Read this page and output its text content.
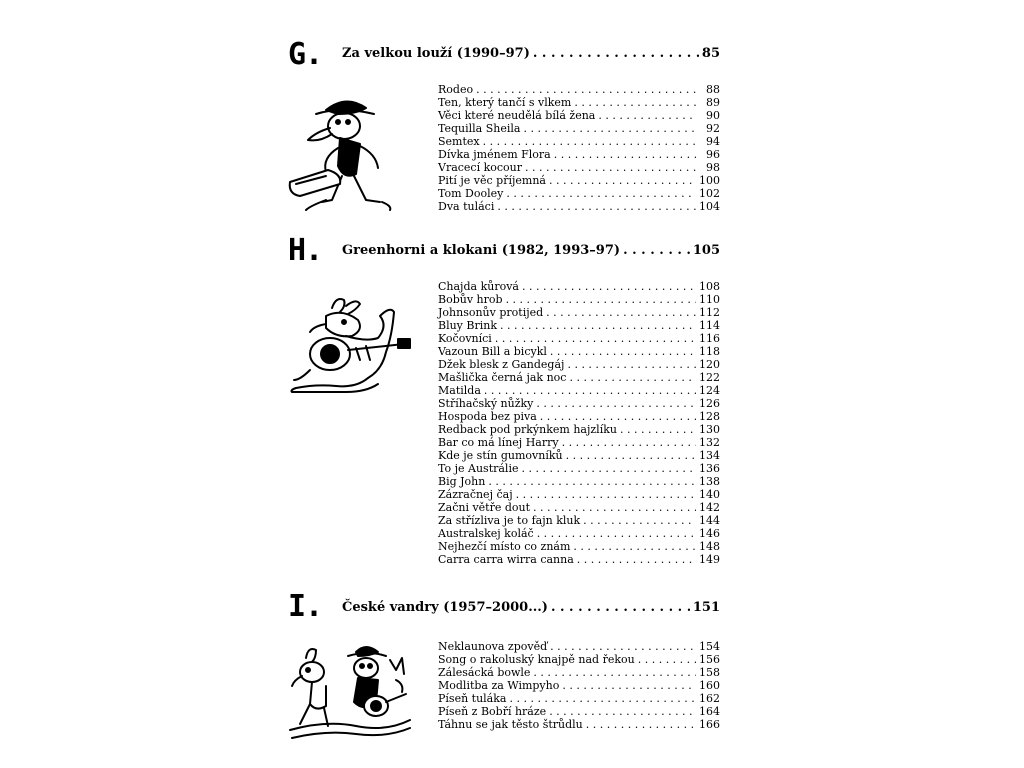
G.	Za velkou louží (1990–97) . . .	85
Rodeo . . .	88
Ten, který tančí s vlkem . . .	89
Věci které neudělá bílá žena . . .	90
Tequilla Sheila . . .	92
Semtex . . .	94
Dívka jménem Flora . . .	96
Vracecí kocour . . .	98
Pití je věc příjemná . . .	100
Tom Dooley . . .	102
Dva tuláci . . .	104
H.	Greenhorni a klokani (1982, 1993–97) . . .	105
Chajda kůrová . . .	108
Bobův hrob . . .	110
Johnsonův protijed . . .	112
Bluy Brink . . .	114
Kočovníci . . .	116
Vazoun Bill a bicykl . . .	118
Džek blesk z Gandegáj . . .	120
Mašlička černá jak noc . . .	122
Matilda . . .	124
Stříhačský nůžky . . .	126
Hospoda bez piva . . .	128
Redback pod prkýnkem hajzlíku . . .	130
Bar co má línej Harry . . .	132
Kde je stín gumovníků . . .	134
To je Austrálie . . .	136
Big John . . .	138
Zázračnej čaj . . .	140
Začni větře dout . . .	142
Za střízliva je to fajn kluk . . .	144
Australskej koláč . . .	146
Nejhezčí místo co znám . . .	148
Carra carra wirra canna . . .	149
I.	České vandry (1957–2000...) . . .	151
Neklaunova zpověď . . .	154
Song o rakoluský knajpě nad řekou . . .	156
Zálesácká bowle . . .	158
Modlitba za Wimpyho . . .	160
Píseň tuláka . . .	162
Píseň z Bobří hráze . . .	164
Táhnu se jak těsto štrůdlu . . .	166
